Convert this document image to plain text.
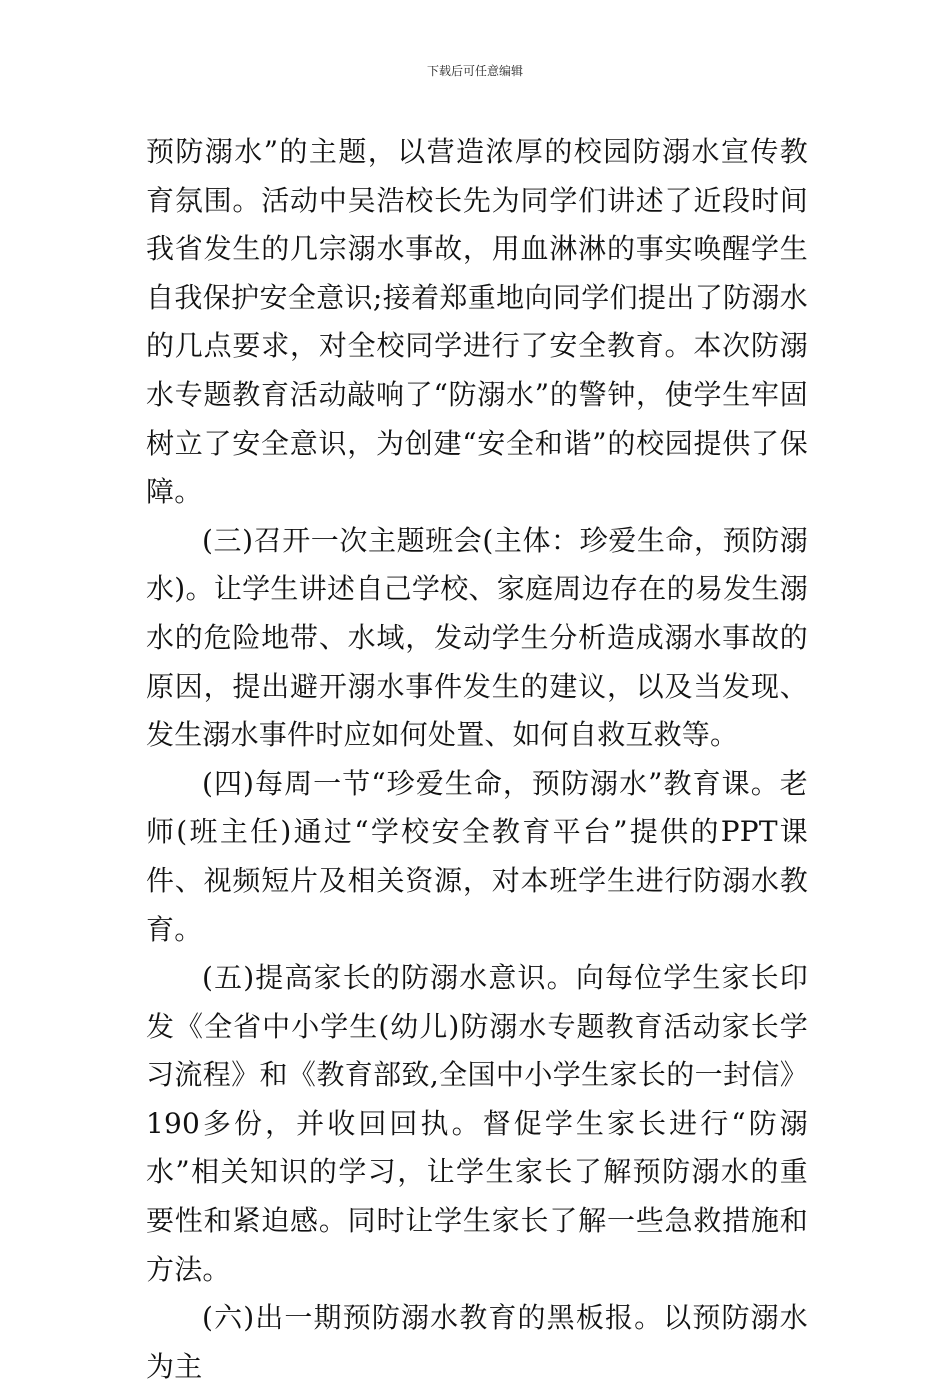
下载后可任意编辑

预防溺水”的主题，以营造浓厚的校园防溺水宣传教育氛围。活动中吴浩校长先为同学们讲述了近段时间我省发生的几宗溺水事故，用血淋淋的事实唤醒学生自我保护安全意识;接着郑重地向同学们提出了防溺水的几点要求，对全校同学进行了安全教育。本次防溺水专题教育活动敲响了“防溺水”的警钟，使学生牢固树立了安全意识，为创建“安全和谐”的校园提供了保障。

(三)召开一次主题班会(主体：珍爱生命，预防溺水)。让学生讲述自己学校、家庭周边存在的易发生溺水的危险地带、水域，发动学生分析造成溺水事故的原因，提出避开溺水事件发生的建议，以及当发现、发生溺水事件时应如何处置、如何自救互救等。

(四)每周一节“珍爱生命，预防溺水”教育课。老师(班主任)通过“学校安全教育平台”提供的PPT课件、视频短片及相关资源，对本班学生进行防溺水教育。

(五)提高家长的防溺水意识。向每位学生家长印发《全省中小学生(幼儿)防溺水专题教育活动家长学习流程》和《教育部致,全国中小学生家长的一封信》190多份，并收回回执。督促学生家长进行“防溺水”相关知识的学习，让学生家长了解预防溺水的重要性和紧迫感。同时让学生家长了解一些急救措施和方法。

(六)出一期预防溺水教育的黑板报。以预防溺水为主
